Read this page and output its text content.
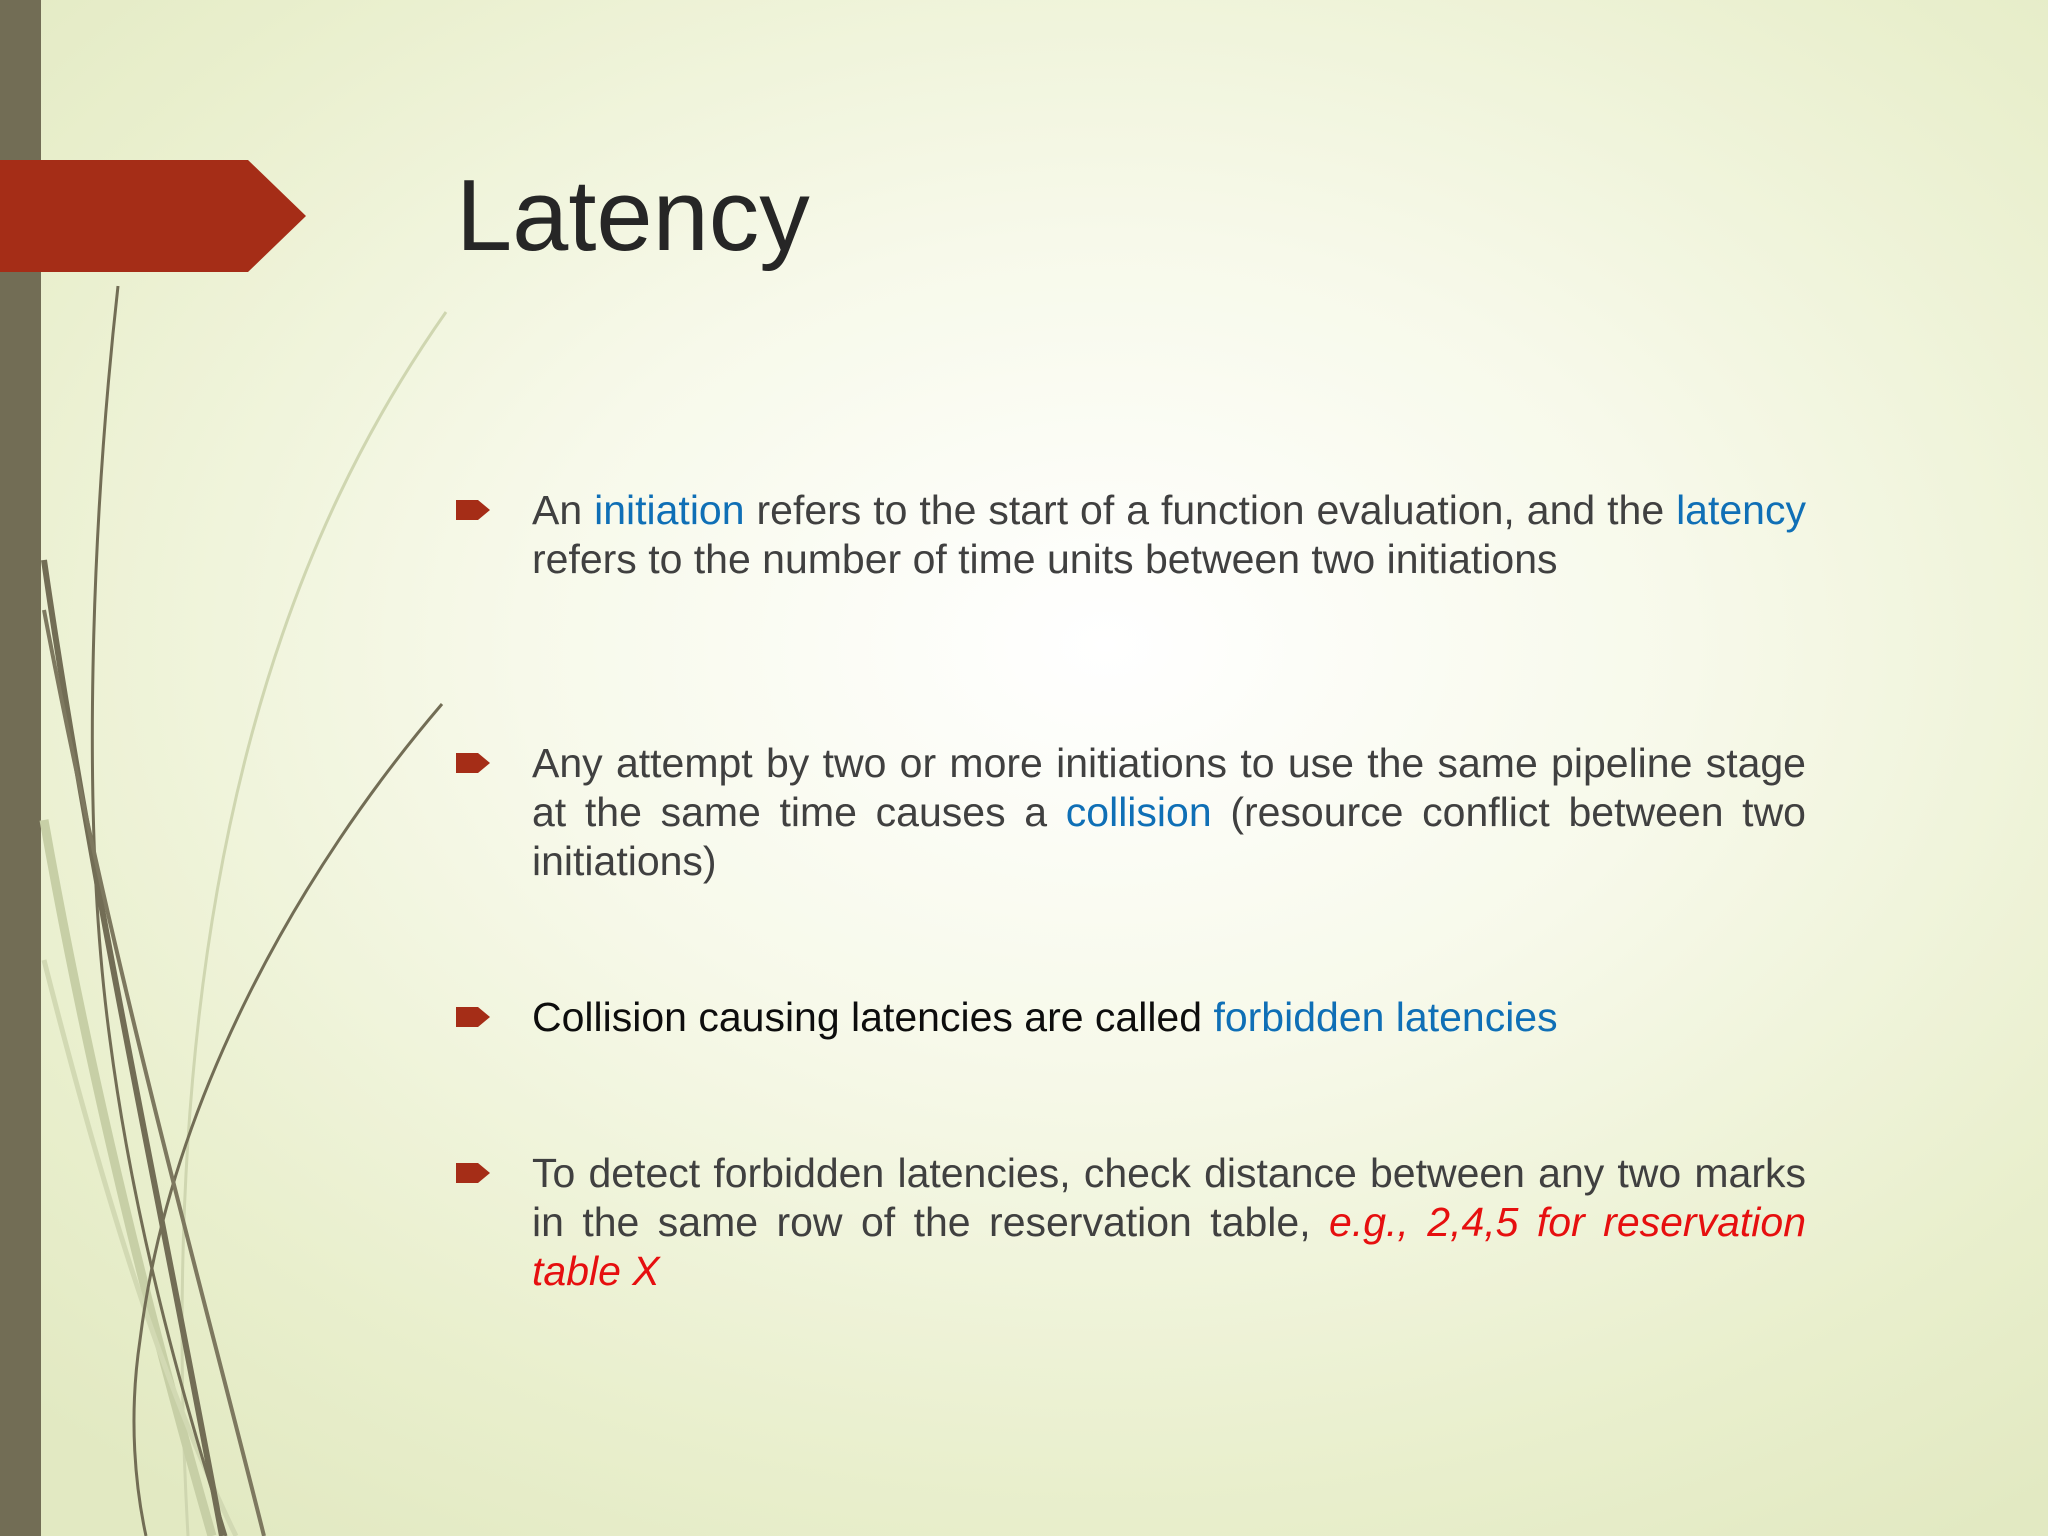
Latency
An initiation refers to the start of a function evaluation, and the latency refers to the number of time units between two initiations
Any attempt by two or more initiations to use the same pipeline stage at the same time causes a collision (resource conflict between two initiations)
Collision causing latencies are called forbidden latencies
To detect forbidden latencies, check distance between any two marks in the same row of the reservation table, e.g., 2,4,5 for reservation table X
